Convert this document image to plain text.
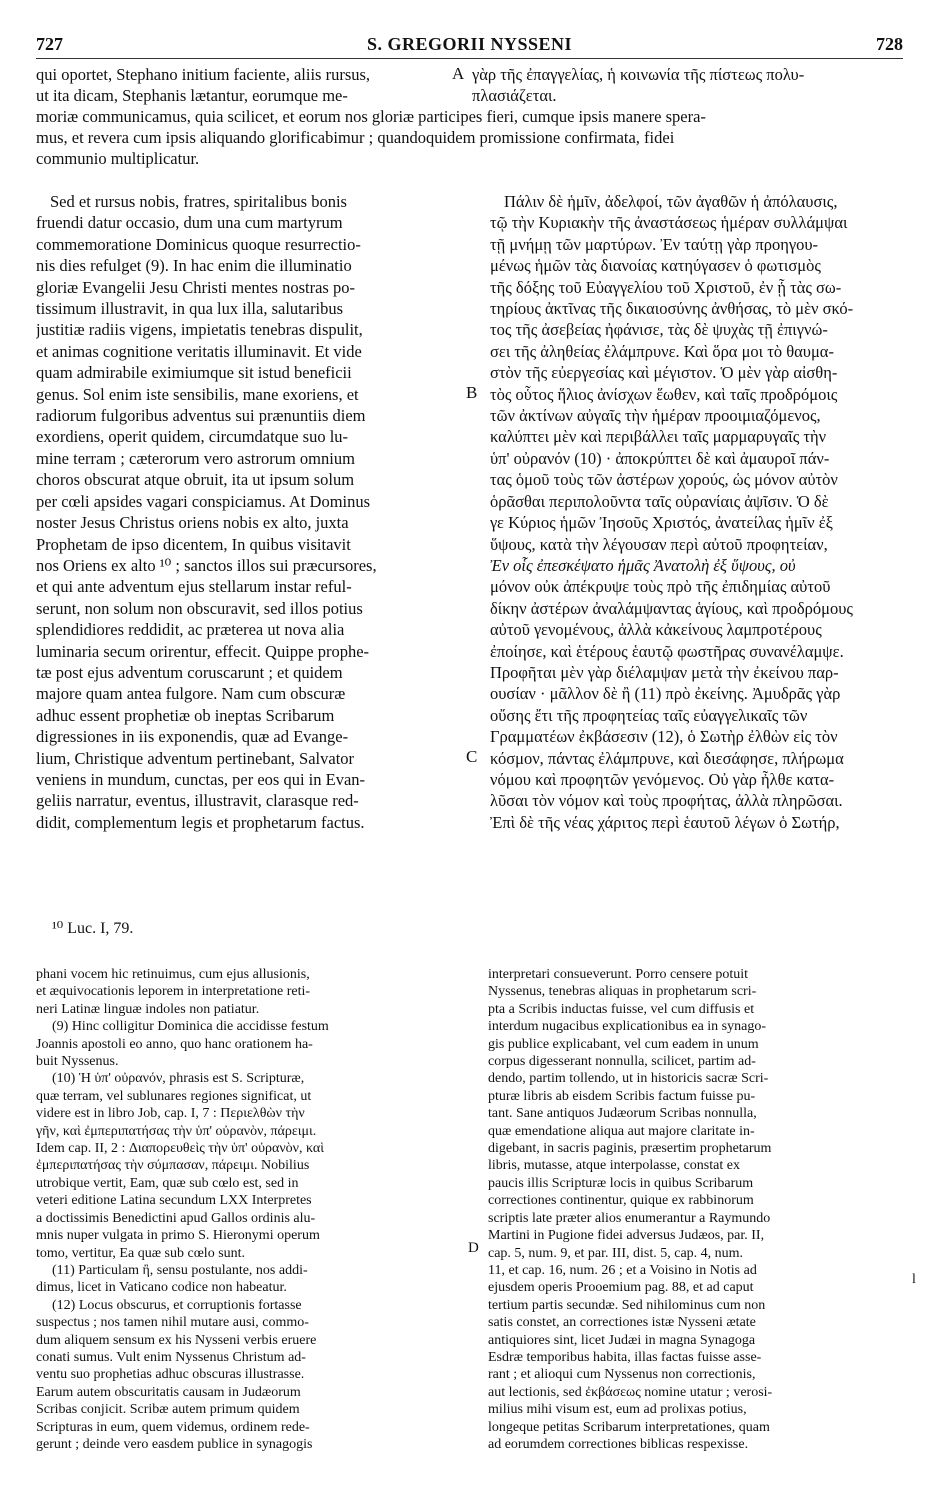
727	S. GREGORII NYSSENI	728
qui oportet, Stephano initium faciente, aliis rursus,
ut ita dicam, Stephanis lætantur, eorumque me-
moriæ communicamus, quia scilicet, et eorum nos gloriæ participes fieri, cumque ipsis manere spera-
mus, et revera cum ipsis aliquando glorificabimur ; quandoquidem promissione confirmata, fidei
communio multiplicatur.
A γὰρ τῆς ἐπαγγελίας, ἡ κοινωνία τῆς πίστεως πολυ-
πλασιάζεται.
Sed et rursus nobis, fratres, spiritalibus bonis
fruendi datur occasio, dum una cum martyrum
commemoratione Dominicus quoque resurrectio-
nis dies refulget (9). In hac enim die illuminatio
gloriæ Evangelii Jesu Christi mentes nostras po-
tissimum illustravit, in qua lux illa, salutaribus
justitiæ radiis vigens, impietatis tenebras dispulit,
et animas cognitione veritatis illuminavit. Et vide
quam admirabile eximiumque sit istud beneficii
genus. Sol enim iste sensibilis, mane exoriens, et
radiorum fulgoribus adventus sui prænuntiis diem
exordiens, operit quidem, circumdatque suo lu-
mine terram ; cæterorum vero astrorum omnium
choros obscurat atque obruit, ita ut ipsum solum
per cœli apsides vagari conspiciamus. At Dominus
noster Jesus Christus oriens nobis ex alto, juxta
Prophetam de ipso dicentem, In quibus visitavit
nos Oriens ex alto ¹⁰ ; sanctos illos sui præcursores,
et qui ante adventum ejus stellarum instar reful-
serunt, non solum non obscuravit, sed illos potius
splendidiores reddidit, ac præterea ut nova alia
luminaria secum orirentur, effecit. Quippe prophe-
tæ post ejus adventum coruscarunt ; et quidem
majore quam antea fulgore. Nam cum obscuræ
adhuc essent prophetiæ ob ineptas Scribarum
digressiones in iis exponendis, quæ ad Evange-
lium, Christique adventum pertinebant, Salvator
veniens in mundum, cunctas, per eos qui in Evan-
geliis narratur, eventus, illustravit, clarasque red-
didit, complementum legis et prophetarum factus.
B
C
Πάλιν δὲ ἡμῖν, ἀδελφοί, τῶν ἀγαθῶν ἡ ἀπόλαυσις,
τῷ τὴν Κυριακὴν τῆς ἀναστάσεως ἡμέραν συλλάμψαι
τῇ μνήμῃ τῶν μαρτύρων. Ἐν ταύτῃ γὰρ προηγου-
μένως ἡμῶν τὰς διανοίας κατηύγασεν ὁ φωτισμὸς
τῆς δόξης τοῦ Εὐαγγελίου τοῦ Χριστοῦ, ἐν ᾗ τὰς σω-
τηρίους ἀκτῖνας τῆς δικαιοσύνης ἀνθήσας, τὸ μὲν σκό-
τος τῆς ἀσεβείας ἠφάνισε, τὰς δὲ ψυχὰς τῇ ἐπιγνώ-
σει τῆς ἀληθείας ἐλάμπρυνε. Καὶ ὅρα μοι τὸ θαυμα-
στὸν τῆς εὐεργεσίας καὶ μέγιστον. Ὁ μὲν γὰρ αἰσθη-
τὸς οὗτος ἥλιος ἀνίσχων ἕωθεν, καὶ ταῖς προδρόμοις
τῶν ἀκτίνων αὐγαῖς τὴν ἡμέραν προοιμιαζόμενος,
καλύπτει μὲν καὶ περιβάλλει ταῖς μαρμαρυγαῖς τὴν
ὑπ' οὐρανόν (10) · ἀποκρύπτει δὲ καὶ ἀμαυροῖ πάν-
τας ὁμοῦ τοὺς τῶν ἀστέρων χορούς, ὡς μόνον αὐτὸν
ὁρᾶσθαι περιπολοῦντα ταῖς οὐρανίαις ἀψῖσιν. Ὁ δὲ
γε Κύριος ἡμῶν Ἰησοῦς Χριστός, ἀνατείλας ἡμῖν ἐξ
ὕψους, κατὰ τὴν λέγουσαν περὶ αὐτοῦ προφητείαν,
Ἐν οἷς ἐπεσκέψατο ἡμᾶς Ἀνατολὴ ἐξ ὕψους, οὐ
μόνον οὐκ ἀπέκρυψε τοὺς πρὸ τῆς ἐπιδημίας αὐτοῦ
δίκην ἀστέρων ἀναλάμψαντας ἁγίους, καὶ προδρόμους
αὐτοῦ γενομένους, ἀλλὰ κἀκείνους λαμπροτέρους
ἐποίησε, καὶ ἑτέρους ἑαυτῷ φωστῆρας συνανέλαμψε.
Προφῆται μὲν γὰρ διέλαμψαν μετὰ τὴν ἐκείνου παρ-
ουσίαν · μᾶλλον δὲ ἢ (11) πρὸ ἐκείνης. Ἀμυδρᾶς γὰρ
οὔσης ἔτι τῆς προφητείας ταῖς εὐαγγελικαῖς τῶν
Γραμματέων ἐκβάσεσιν (12), ὁ Σωτὴρ ἐλθὼν εἰς τὸν
κόσμον, πάντας ἐλάμπρυνε, καὶ διεσάφησε, πλήρωμα
νόμου καὶ προφητῶν γενόμενος. Οὐ γὰρ ἦλθε κατα-
λῦσαι τὸν νόμον καὶ τοὺς προφήτας, ἀλλὰ πληρῶσαι.
Ἐπὶ δὲ τῆς νέας χάριτος περὶ ἑαυτοῦ λέγων ὁ Σωτήρ,
¹⁰ Luc. I, 79.
phani vocem hic retinuimus, cum ejus allusionis,
et æquivocationis leporem in interpretatione reti-
neri Latinæ linguæ indoles non patiatur.
(9) Hinc colligitur Dominica die accidisse festum
Joannis apostoli eo anno, quo hanc orationem ha-
buit Nyssenus.
(10) Ἡ ὑπ' οὐρανόν, phrasis est S. Scripturæ,
quæ terram, vel sublunares regiones significat, ut
videre est in libro Job, cap. I, 7 : Περιελθὼν τὴν
γῆν, καὶ ἐμπεριπατήσας τὴν ὑπ' οὐρανὸν, πάρειμι.
Idem cap. II, 2 : Διαπορευθεὶς τὴν ὑπ' οὐρανὸν, καὶ
ἐμπεριπατήσας τὴν σύμπασαν, πάρειμι. Nobilius
utrobique vertit, Eam, quæ sub cœlo est, sed in
veteri editione Latina secundum LXX Interpretes
a doctissimis Benedictini apud Gallos ordinis alu-
mnis nuper vulgata in primo S. Hieronymi operum
tomo, vertitur, Ea quæ sub cœlo sunt.
(11) Particulam ἢ, sensu postulante, nos addi-
dimus, licet in Vaticano codice non habeatur.
(12) Locus obscurus, et corruptionis fortasse
suspectus ; nos tamen nihil mutare ausi, commo-
dum aliquem sensum ex his Nysseni verbis eruere
conati sumus. Vult enim Nyssenus Christum ad-
ventu suo prophetias adhuc obscuras illustrasse.
Earum autem obscuritatis causam in Judæorum
Scribas conjicit. Scribæ autem primum quidem
Scripturas in eum, quem videmus, ordinem rede-
gerunt ; deinde vero easdem publice in synagogis
D
interpretari consueverunt. Porro censere potuit
Nyssenus, tenebras aliquas in prophetarum scri-
pta a Scribis inductas fuisse, vel cum diffusis et
interdum nugacibus explicationibus ea in synago-
gis publice explicabant, vel cum eadem in unum
corpus digesserant nonnulla, scilicet, partim ad-
dendo, partim tollendo, ut in historicis sacræ Scri-
pturæ libris ab eisdem Scribis factum fuisse pu-
tant. Sane antiquos Judæorum Scribas nonnulla,
quæ emendatione aliqua aut majore claritate in-
digebant, in sacris paginis, præsertim prophetarum
libris, mutasse, atque interpolasse, constat ex
paucis illis Scripturæ locis in quibus Scribarum
correctiones continentur, quique ex rabbinorum
scriptis late præter alios enumerantur a Raymundo
Martini in Pugione fidei adversus Judæos, par. II,
cap. 5, num. 9, et par. III, dist. 5, cap. 4, num.
11, et cap. 16, num. 26 ; et a Voisino in Notis ad
ejusdem operis Prooemium pag. 88, et ad caput
tertium partis secundæ. Sed nihilominus cum non
satis constet, an correctiones istæ Nysseni ætate
antiquiores sint, licet Judæi in magna Synagoga
Esdræ temporibus habita, illas factas fuisse asse-
rant ; et alioqui cum Nyssenus non correctionis,
aut lectionis, sed ἐκβάσεως nomine utatur ; verosi-
milius mihi visum est, eum ad prolixas potius,
longeque petitas Scribarum interpretationes, quam
ad eorumdem correctiones biblicas respexisse.
l
